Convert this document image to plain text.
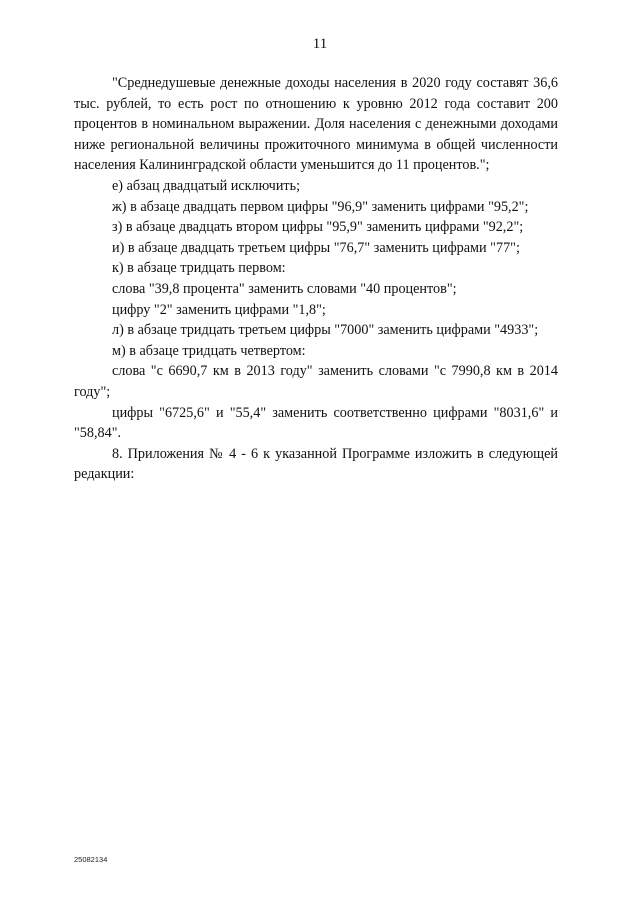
11

"Среднедушевые денежные доходы населения в 2020 году составят 36,6 тыс. рублей, то есть рост по отношению к уровню 2012 года составит 200 процентов в номинальном выражении. Доля населения с денежными доходами ниже региональной величины прожиточного минимума в общей численности населения Калининградской области уменьшится до 11 процентов.";

е) абзац двадцатый исключить;

ж) в абзаце двадцать первом цифры "96,9" заменить цифрами "95,2";

з) в абзаце двадцать втором цифры "95,9" заменить цифрами "92,2";

и) в абзаце двадцать третьем цифры "76,7" заменить цифрами "77";

к) в абзаце тридцать первом:

слова "39,8 процента" заменить словами "40 процентов";

цифру "2" заменить цифрами "1,8";

л) в абзаце тридцать третьем цифры "7000" заменить цифрами "4933";

м) в абзаце тридцать четвертом:

слова "с 6690,7 км в 2013 году" заменить словами "с 7990,8 км в 2014 году";

цифры "6725,6" и "55,4" заменить соответственно цифрами "8031,6" и "58,84".

8. Приложения № 4 - 6 к указанной Программе изложить в следующей редакции:

25082134
